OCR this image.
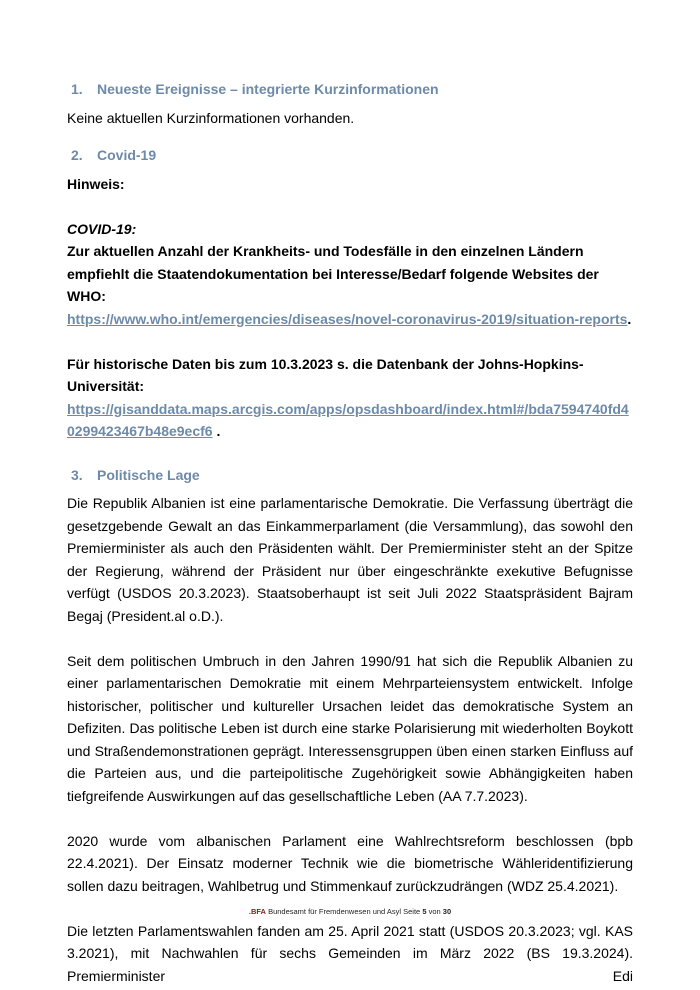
1. Neueste Ereignisse – integrierte Kurzinformationen

Keine aktuellen Kurzinformationen vorhanden.

2. Covid-19

Hinweis:

COVID-19:

Zur aktuellen Anzahl der Krankheits- und Todesfälle in den einzelnen Ländern empfiehlt die Staatendokumentation bei Interesse/Bedarf folgende Websites der WHO:

https://www.who.int/emergencies/diseases/novel-coronavirus-2019/situation-reports.

Für historische Daten bis zum 10.3.2023 s. die Datenbank der Johns-Hopkins-Universität:

https://gisanddata.maps.arcgis.com/apps/opsdashboard/index.html#/bda7594740fd40299423467b48e9ecf6 .

3. Politische Lage

Die Republik Albanien ist eine parlamentarische Demokratie. Die Verfassung überträgt die gesetzgebende Gewalt an das Einkammerparlament (die Versammlung), das sowohl den Premierminister als auch den Präsidenten wählt. Der Premierminister steht an der Spitze der Regierung, während der Präsident nur über eingeschränkte exekutive Befugnisse verfügt (USDOS 20.3.2023). Staatsoberhaupt ist seit Juli 2022 Staatspräsident Bajram Begaj (President.al o.D.).

Seit dem politischen Umbruch in den Jahren 1990/91 hat sich die Republik Albanien zu einer parlamentarischen Demokratie mit einem Mehrparteiensystem entwickelt. Infolge historischer, politischer und kultureller Ursachen leidet das demokratische System an Defiziten. Das politische Leben ist durch eine starke Polarisierung mit wiederholten Boykott und Straßendemonstrationen geprägt. Interessensgruppen üben einen starken Einfluss auf die Parteien aus, und die parteipolitische Zugehörigkeit sowie Abhängigkeiten haben tiefgreifende Auswirkungen auf das gesellschaftliche Leben (AA 7.7.2023).

2020 wurde vom albanischen Parlament eine Wahlrechtsreform beschlossen (bpb 22.4.2021). Der Einsatz moderner Technik wie die biometrische Wähleridentifizierung sollen dazu beitragen, Wahlbetrug und Stimmenkauf zurückzudrängen (WDZ 25.4.2021).

Die letzten Parlamentswahlen fanden am 25. April 2021 statt (USDOS 20.3.2023; vgl. KAS 3.2021), mit Nachwahlen für sechs Gemeinden im März 2022 (BS 19.3.2024). Premierminister Edi

.BFA Bundesamt für Fremdenwesen und Asyl Seite 5 von 30
